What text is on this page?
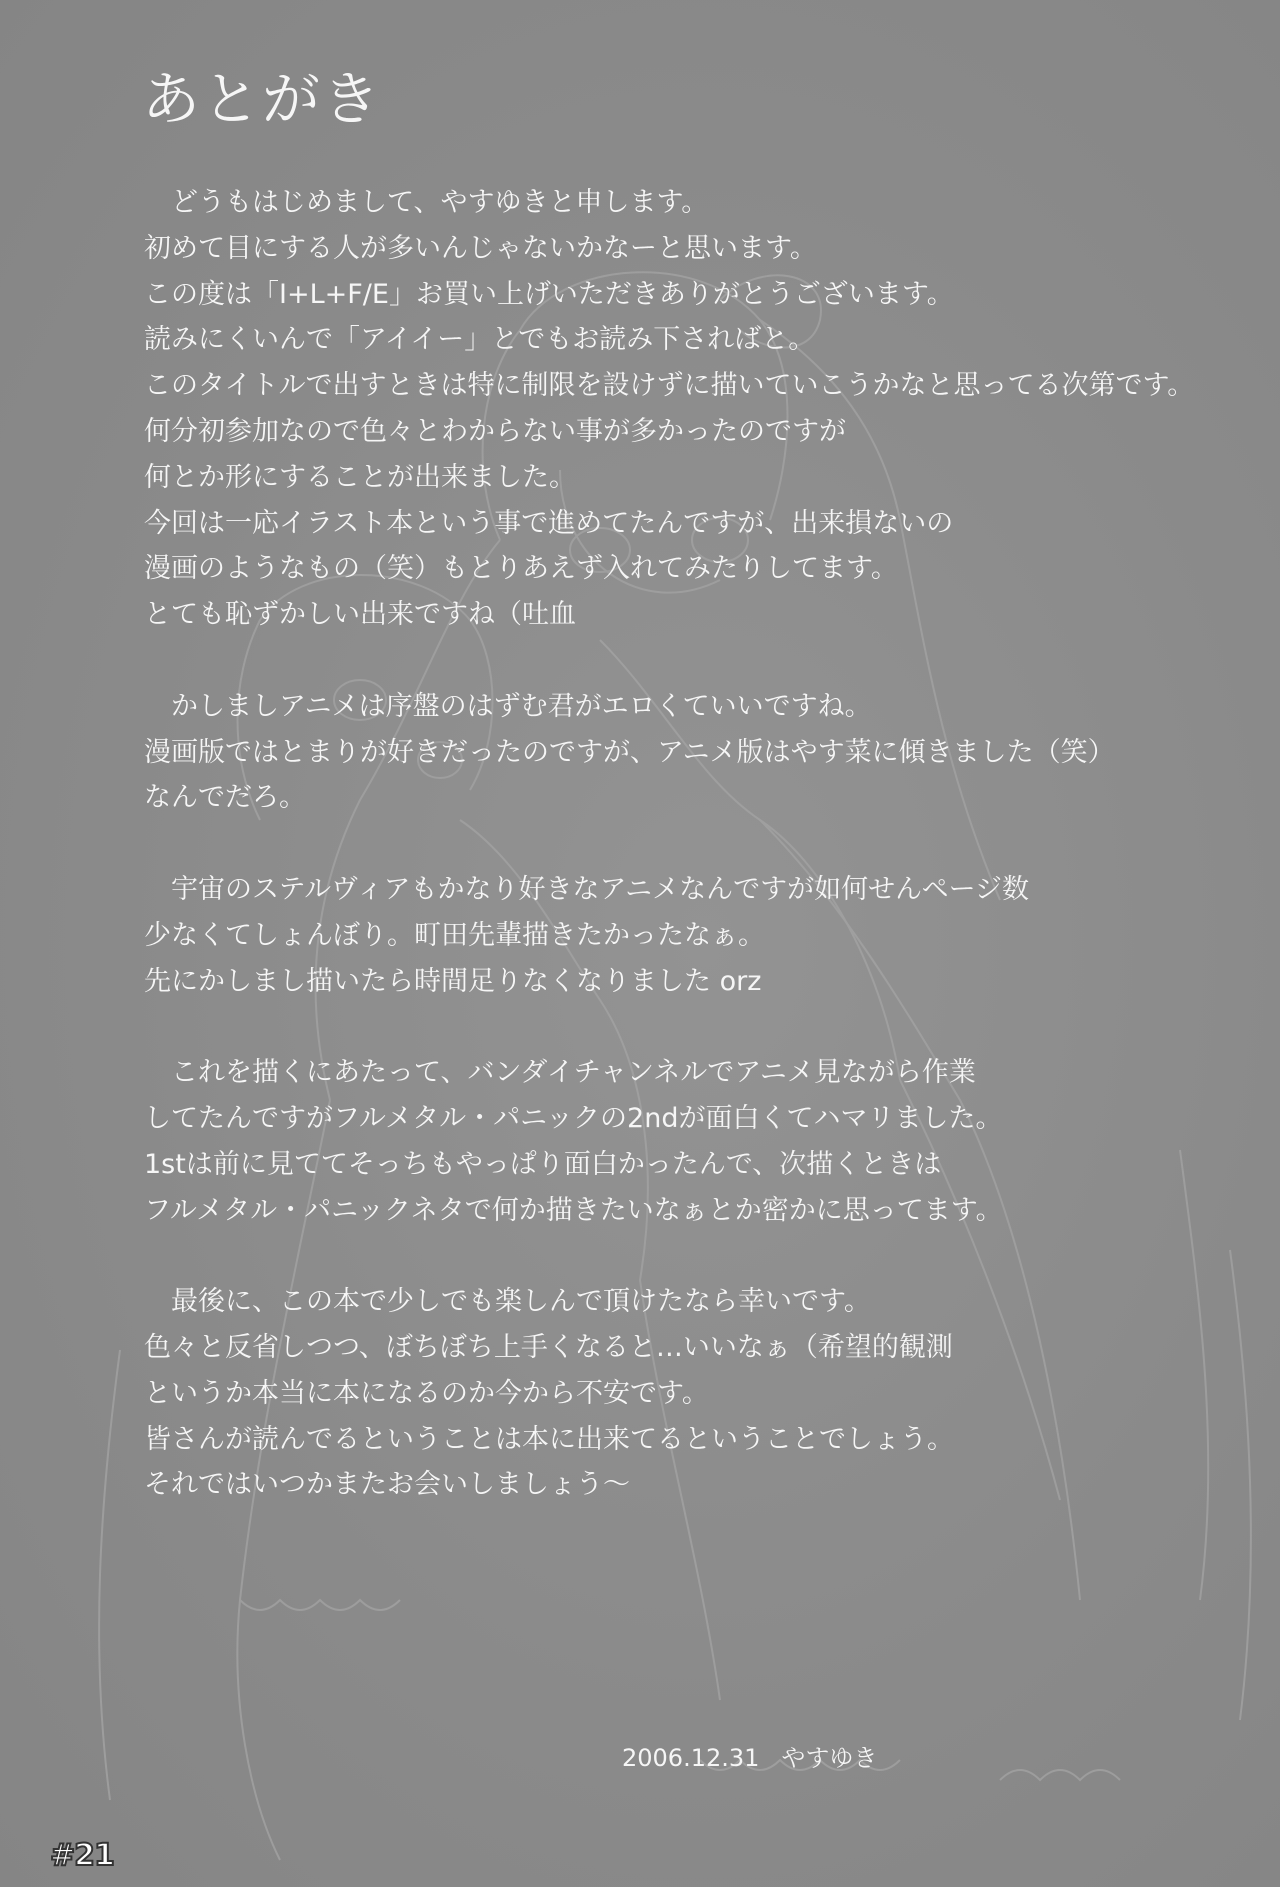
あとがき
どうもはじめまして、やすゆきと申します。
初めて目にする人が多いんじゃないかなーと思います。
この度は「I+L+F/E」お買い上げいただきありがとうございます。
読みにくいんで「アイイー」とでもお読み下さればと。
このタイトルで出すときは特に制限を設けずに描いていこうかなと思ってる次第です。
何分初参加なので色々とわからない事が多かったのですが
何とか形にすることが出来ました。
今回は一応イラスト本という事で進めてたんですが、出来損ないの
漫画のようなもの（笑）もとりあえず入れてみたりしてます。
とても恥ずかしい出来ですね（吐血
かしましアニメは序盤のはずむ君がエロくていいですね。
漫画版ではとまりが好きだったのですが、アニメ版はやす菜に傾きました（笑）
なんでだろ。
宇宙のステルヴィアもかなり好きなアニメなんですが如何せんページ数
少なくてしょんぼり。町田先輩描きたかったなぁ。
先にかしまし描いたら時間足りなくなりました orz
これを描くにあたって、バンダイチャンネルでアニメ見ながら作業
してたんですがフルメタル・パニックの2ndが面白くてハマリました。
1stは前に見ててそっちもやっぱり面白かったんで、次描くときは
フルメタル・パニックネタで何か描きたいなぁとか密かに思ってます。
最後に、この本で少しでも楽しんで頂けたなら幸いです。
色々と反省しつつ、ぼちぼち上手くなると…いいなぁ（希望的観測
というか本当に本になるのか今から不安です。
皆さんが読んでるということは本に出来てるということでしょう。
それではいつかまたお会いしましょう～
2006.12.31 やすゆき
#21
